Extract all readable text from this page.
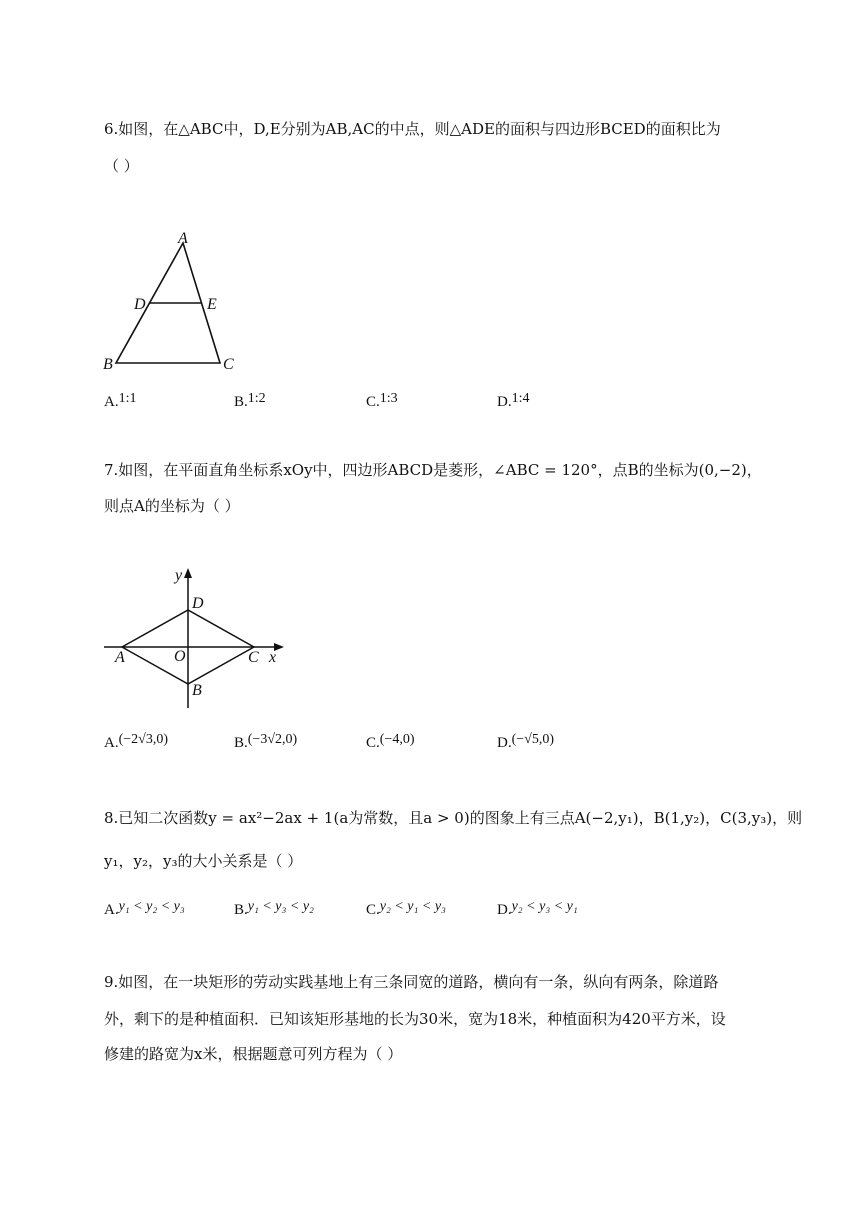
6.如图，在△ABC中，D,E分别为AB,AC的中点，则△ADE的面积与四边形BCED的面积比为
（ ）
A
D	E
B	C
A.1:1	B.1:2	C.1:3	D.1:4
7.如图，在平面直角坐标系xOy中，四边形ABCD是菱形，∠ABC = 120°，点B的坐标为(0,−2)，
则点A的坐标为（ ）
y
D
A	O	C x
B
A.(−2√3,0)	B.(−3√2,0)	C.(−4,0)	D.(−√5,0)
8.已知二次函数y = ax²−2ax + 1(a为常数，且a > 0)的图象上有三点A(−2,y₁)，B(1,y₂)，C(3,y₃)，则
y₁，y₂，y₃的大小关系是（ ）
A.y₁ < y₂ < y₃	B.y₁ < y₃ < y₂	C.y₂ < y₁ < y₃	D.y₂ < y₃ < y₁
9.如图，在一块矩形的劳动实践基地上有三条同宽的道路，横向有一条，纵向有两条，除道路
外，剩下的是种植面积．已知该矩形基地的长为30米，宽为18米，种植面积为420平方米，设
修建的路宽为x米，根据题意可列方程为（ ）
